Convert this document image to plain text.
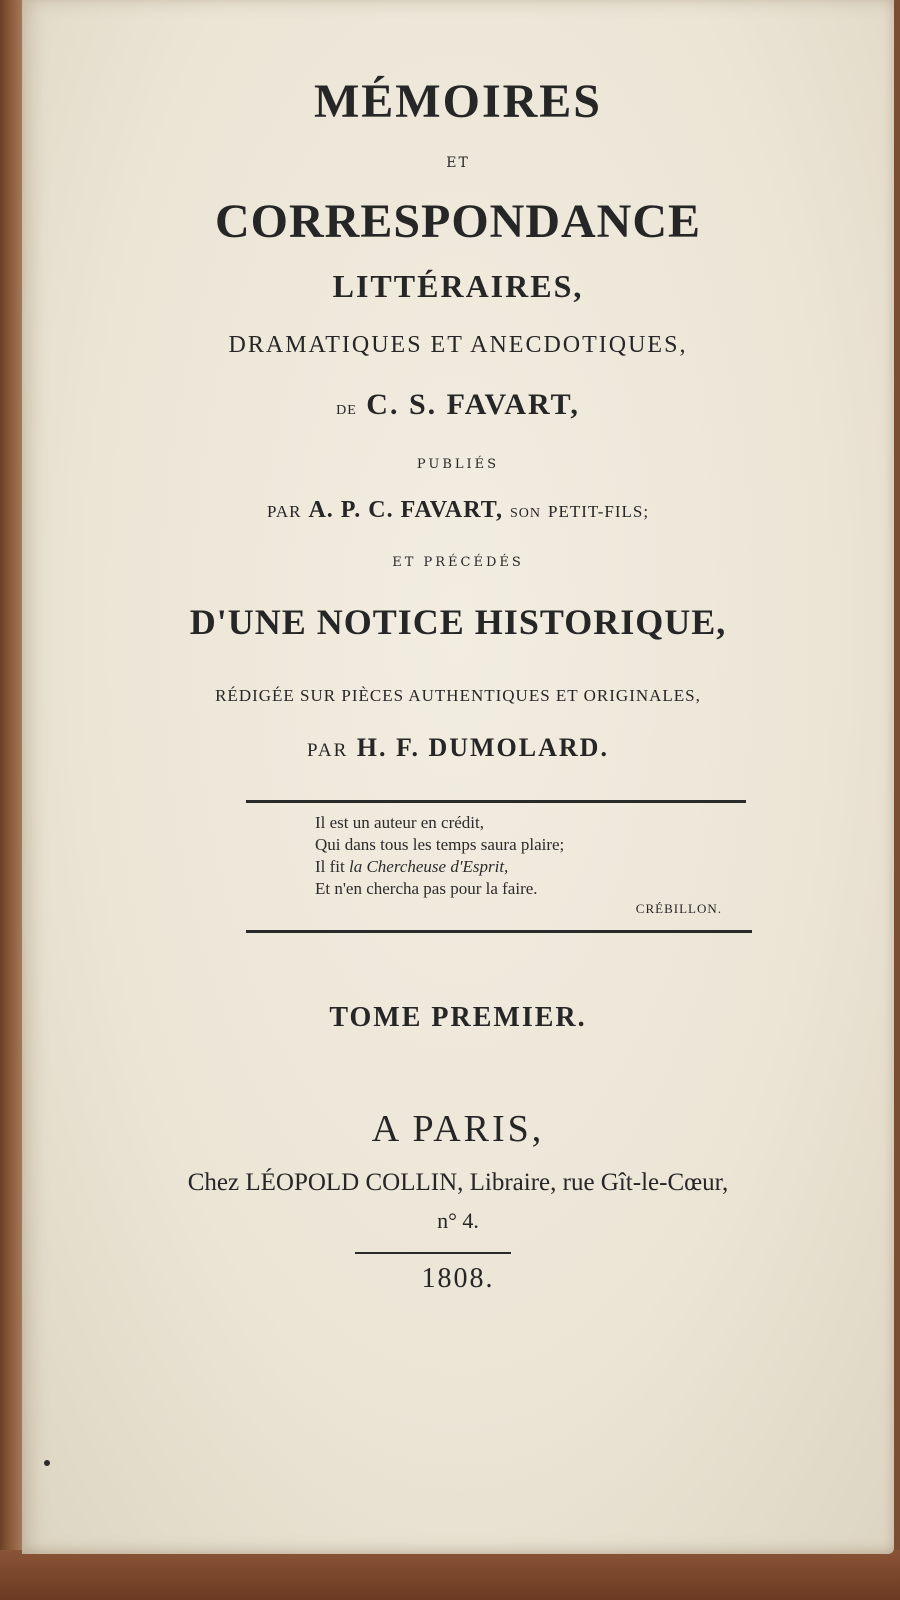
MÉMOIRES
ET
CORRESPONDANCE
LITTÉRAIRES,
DRAMATIQUES ET ANECDOTIQUES,
DE C. S. FAVART,
PUBLIÉS
PAR A. P. C. FAVART, SON PETIT-FILS;
ET PRÉCÉDÉS
D'UNE NOTICE HISTORIQUE,
RÉDIGÉE SUR PIÈCES AUTHENTIQUES ET ORIGINALES,
PAR H. F. DUMOLARD.
Il est un auteur en crédit,
Qui dans tous les temps saura plaire;
Il fit la Chercheuse d'Esprit,
Et n'en chercha pas pour la faire.
CRÉBILLON.
TOME PREMIER.
A PARIS,
Chez LÉOPOLD COLLIN, Libraire, rue Gît-le-Cœur,
n° 4.
1808.
